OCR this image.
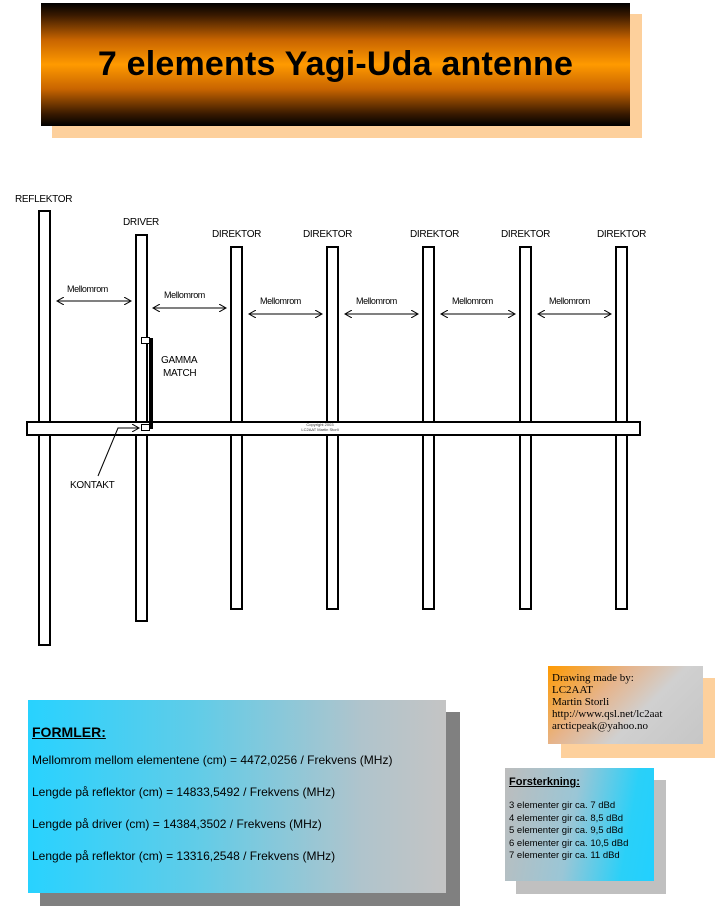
7 elements Yagi-Uda antenne
REFLEKTOR
DRIVER
DIREKTOR	DIREKTOR	DIREKTOR	DIREKTOR	DIREKTOR
Copyright 2003
LC2AAT Martin Storli
GAMMA
MATCH
KONTAKT
Mellomrom
Mellomrom
Mellomrom	Mellomrom	Mellomrom	Mellomrom
Drawing made by:
LC2AAT
Martin Storli
http://www.qsl.net/lc2aat
arcticpeak@yahoo.no
Forsterkning:
3 elementer gir ca. 7 dBd
4 elementer gir ca. 8,5 dBd
5 elementer gir ca. 9,5 dBd
6 elementer gir ca. 10,5 dBd
7 elementer gir ca. 11 dBd
FORMLER:
Mellomrom mellom elementene (cm) = 4472,0256 / Frekvens (MHz)
Lengde på reflektor (cm) = 14833,5492 / Frekvens (MHz)
Lengde på driver (cm) = 14384,3502 / Frekvens (MHz)
Lengde på reflektor (cm) = 13316,2548 / Frekvens (MHz)
